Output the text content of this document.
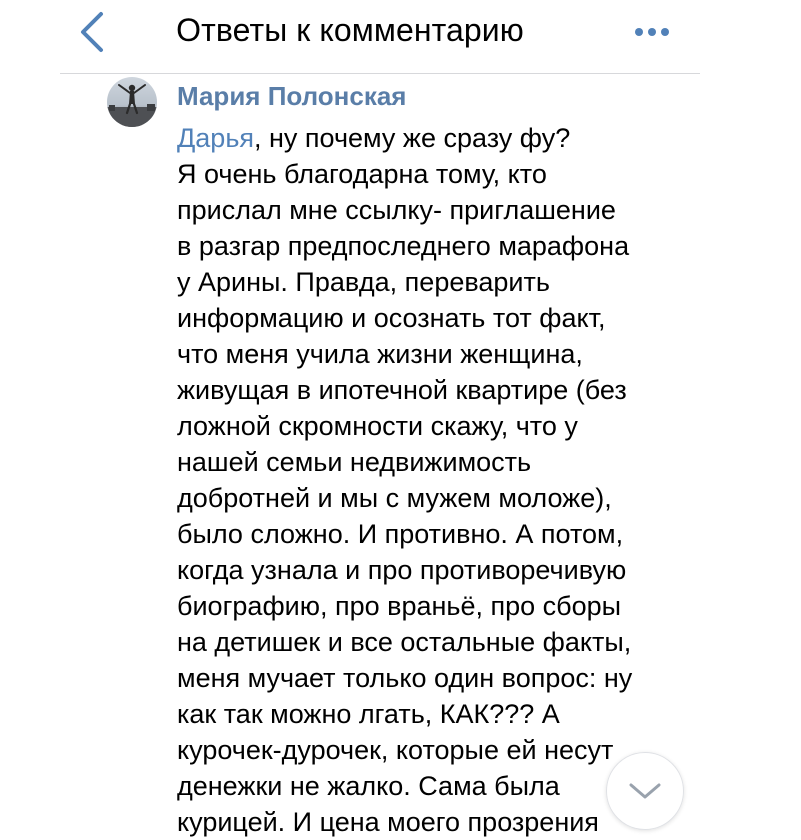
Ответы к комментарию
Мария Полонская
Дарья, ну почему же сразу фу?
Я очень благодарна тому, кто
прислал мне ссылку- приглашение
в разгар предпоследнего марафона
у Арины. Правда, переварить
информацию и осознать тот факт,
что меня учила жизни женщина,
живущая в ипотечной квартире (без
ложной скромности скажу, что у
нашей семьи недвижимость
добротней и мы с мужем моложе),
было сложно. И противно. А потом,
когда узнала и про противоречивую
биографию, про враньё, про сборы
на детишек и все остальные факты,
меня мучает только один вопрос: ну
как так можно лгать, КАК??? А
курочек-дурочек, которые ей несут
денежки не жалко. Сама была
курицей. И цена моего прозрения
